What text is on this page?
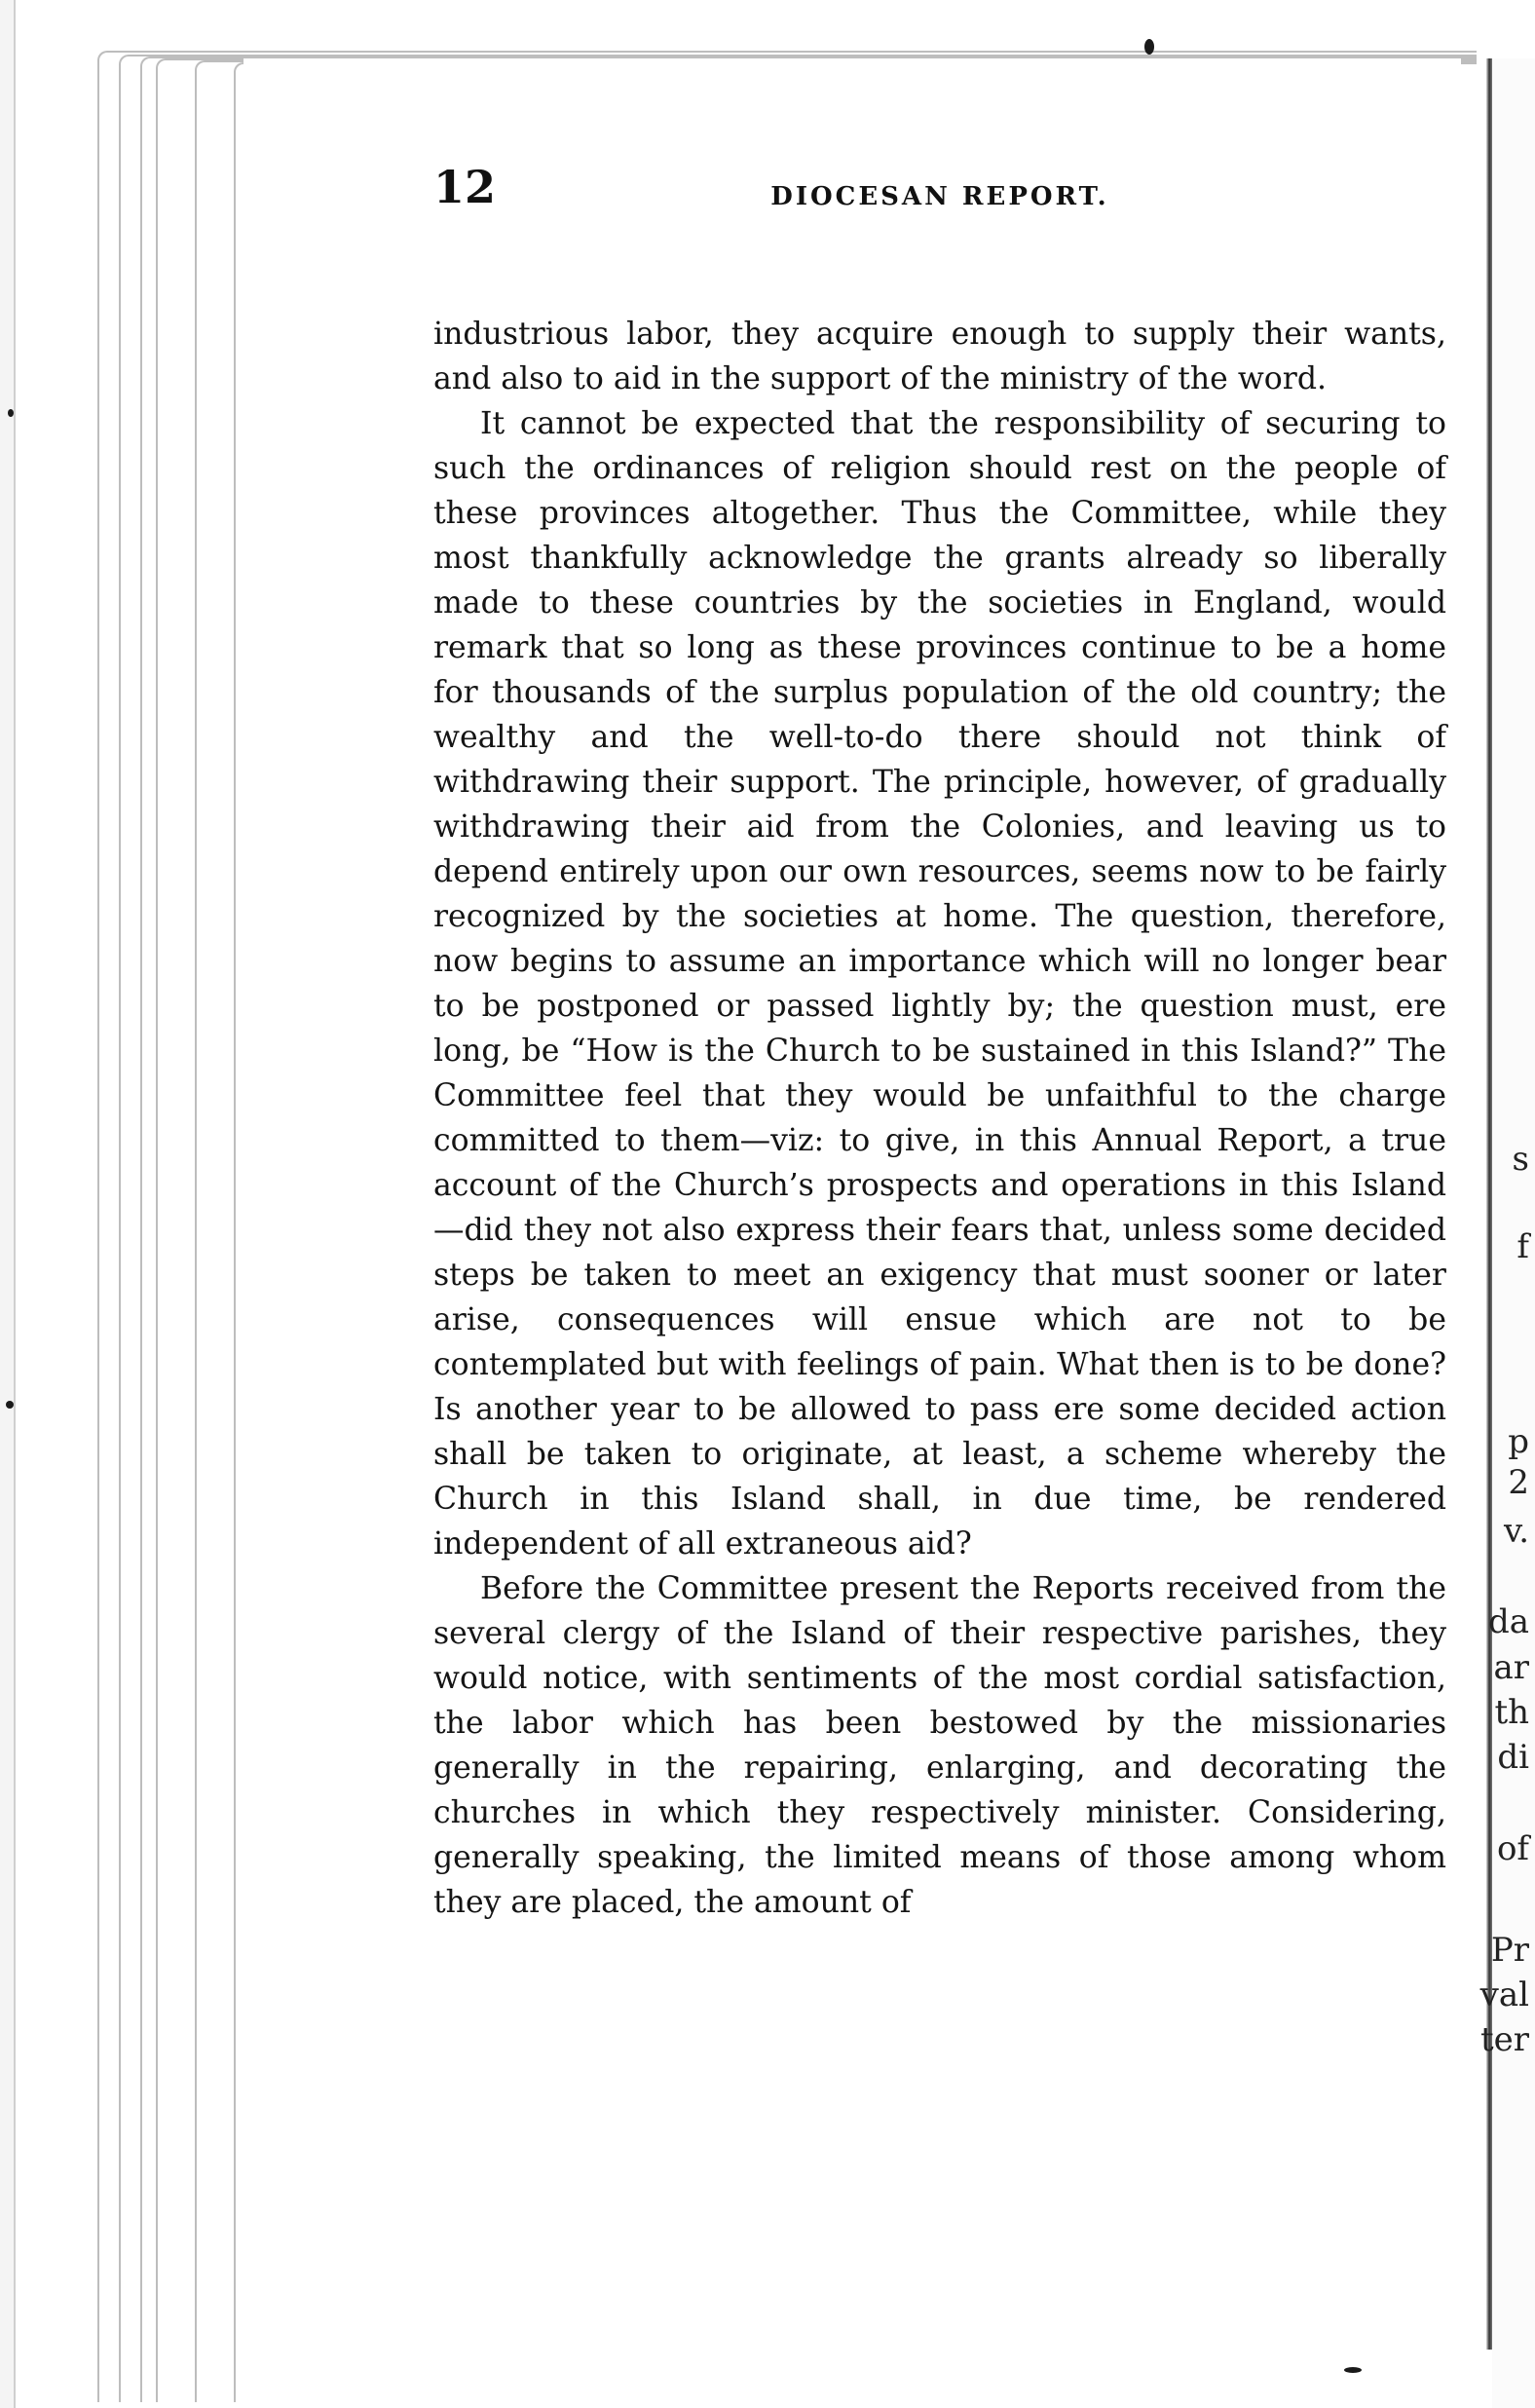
s
f
p
2
v.
da
ar
th
di
of
Pr
val
ter
12	DIOCESAN REPORT.

industrious labor, they acquire enough to supply their wants, and also to aid in the support of the ministry of the word.

It cannot be expected that the responsibility of securing to such the ordinances of religion should rest on the people of these provinces altogether. Thus the Committee, while they most thankfully acknowledge the grants already so liberally made to these countries by the societies in England, would remark that so long as these provinces continue to be a home for thousands of the surplus population of the old country; the wealthy and the well-to-do there should not think of withdrawing their support. The principle, however, of gradually withdrawing their aid from the Colonies, and leaving us to depend entirely upon our own resources, seems now to be fairly recognized by the societies at home. The question, therefore, now begins to assume an importance which will no longer bear to be postponed or passed lightly by; the question must, ere long, be “How is the Church to be sustained in this Island?” The Committee feel that they would be unfaithful to the charge committed to them—viz: to give, in this Annual Report, a true account of the Church’s prospects and operations in this Island—did they not also express their fears that, unless some decided steps be taken to meet an exigency that must sooner or later arise, consequences will ensue which are not to be contemplated but with feelings of pain. What then is to be done? Is another year to be allowed to pass ere some decided action shall be taken to originate, at least, a scheme whereby the Church in this Island shall, in due time, be rendered independent of all extraneous aid?

Before the Committee present the Reports received from the several clergy of the Island of their respective parishes, they would notice, with sentiments of the most cordial satisfaction, the labor which has been bestowed by the missionaries generally in the repairing, enlarging, and decorating the churches in which they respectively minister. Considering, generally speaking, the limited means of those among whom they are placed, the amount of
